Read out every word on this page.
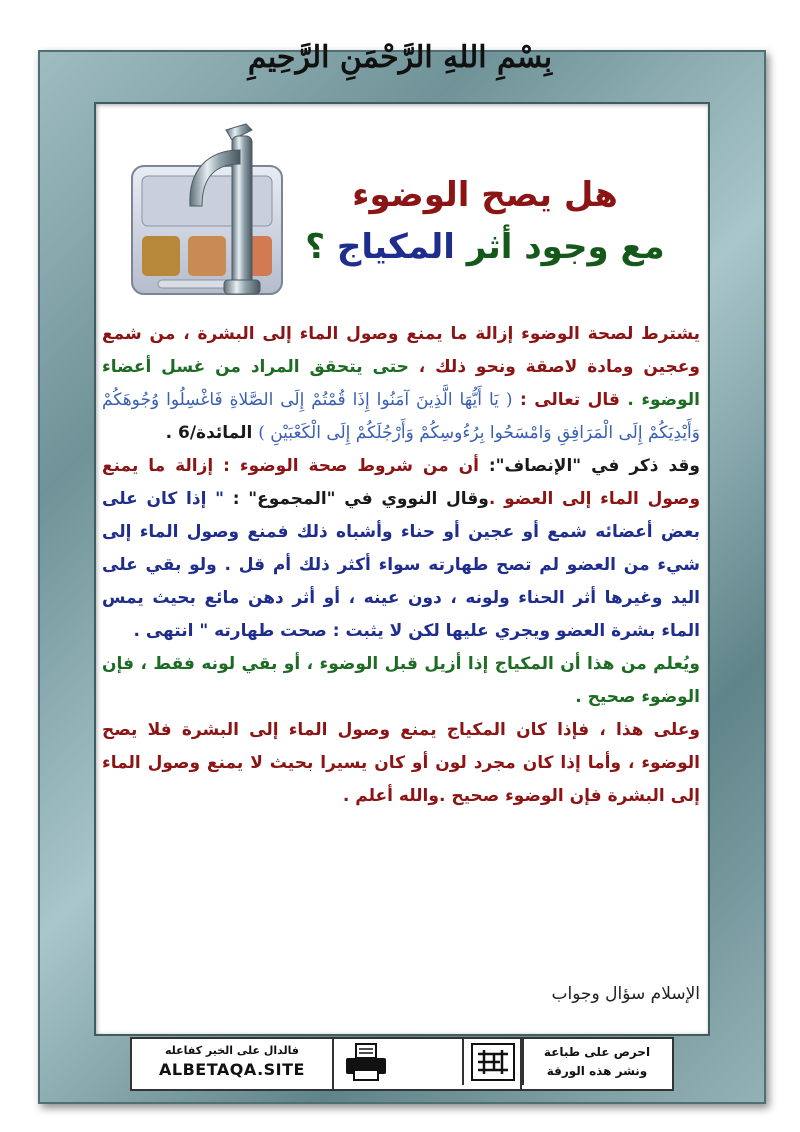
بِسْمِ اللهِ الرَّحْمَنِ الرَّحِيمِ
هل يصح الوضوء
مع وجود أثر المكياج ؟

يشترط لصحة الوضوء إزالة ما يمنع وصول الماء إلى البشرة ، من شمع وعجين ومادة لاصقة ونحو ذلك ، حتى يتحقق المراد من غسل أعضاء الوضوء . قال تعالى : ( يَا أَيُّهَا الَّذِينَ آمَنُوا إِذَا قُمْتُمْ إِلَى الصَّلاةِ فَاغْسِلُوا وُجُوهَكُمْ وَأَيْدِيَكُمْ إِلَى الْمَرَافِقِ وَامْسَحُوا بِرُءُوسِكُمْ وَأَرْجُلَكُمْ إِلَى الْكَعْبَيْنِ ) المائدة/6 .

وقد ذكر في "الإنصاف": أن من شروط صحة الوضوء : إزالة ما يمنع وصول الماء إلى العضو .وقال النووي في "المجموع" : " إذا كان على بعض أعضائه شمع أو عجين أو حناء وأشباه ذلك فمنع وصول الماء إلى شيء من العضو لم تصح طهارته سواء أكثر ذلك أم قل . ولو بقي على اليد وغيرها أثر الحناء ولونه ، دون عينه ، أو أثر دهن مائع بحيث يمس الماء بشرة العضو ويجري عليها لكن لا يثبت : صحت طهارته " انتهى .

ويُعلم من هذا أن المكياج إذا أزيل قبل الوضوء ، أو بقي لونه فقط ، فإن الوضوء صحيح .

وعلى هذا ، فإذا كان المكياج يمنع وصول الماء إلى البشرة فلا يصح الوضوء ، وأما إذا كان مجرد لون أو كان يسيرا بحيث لا يمنع وصول الماء إلى البشرة فإن الوضوء صحيح .والله أعلم .

الإسلام سؤال وجواب
احرص على طباعة
ونشر هذه الورقة
فالدال على الخير كفاعله
ALBETAQA.SITE
